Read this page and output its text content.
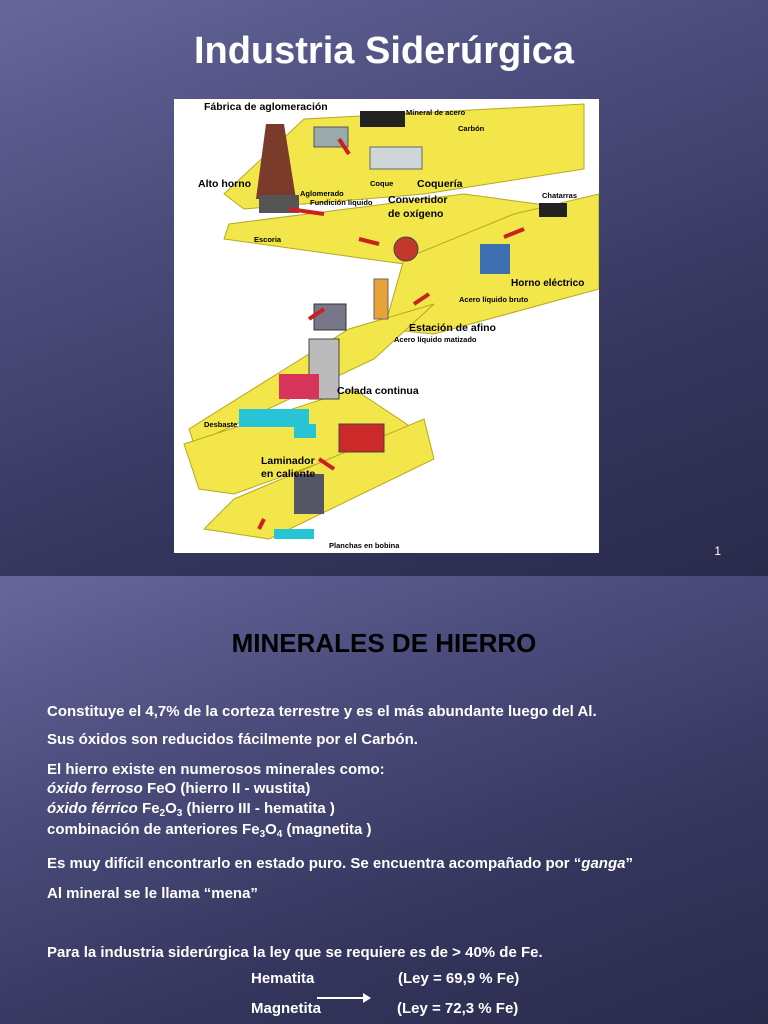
Industria Siderúrgica
Fábrica de aglomeración	Mineral de acero
Carbón
Alto horno
Aglomerado
Fundición líquido
Coque Coquería
Chatarras
Convertidor
de oxígeno
Escoria
Horno eléctrico
Acero líquido bruto
Estación de afino
Acero líquido matizado
Colada continua
Desbaste
Laminador
en caliente
Planchas en bobina	1
MINERALES DE HIERRO
Constituye el 4,7% de la corteza terrestre y es el más abundante luego del Al.
Sus óxidos son reducidos fácilmente por el Carbón.
El hierro existe en numerosos minerales como:
óxido ferroso FeO (hierro II - wustita)
óxido férrico $Fe_2O_3$ (hierro III - hematita )
combinación de anteriores $Fe_3O_4$ (magnetita )
Es muy difícil encontrarlo en estado puro. Se encuentra acompañado por “ganga”
Al mineral se le llama “mena”
Para la industria siderúrgica la ley que se requiere es de > 40% de Fe.
Hematita	(Ley = 69,9 % Fe)
Magnetita	(Ley = 72,3 % Fe)
